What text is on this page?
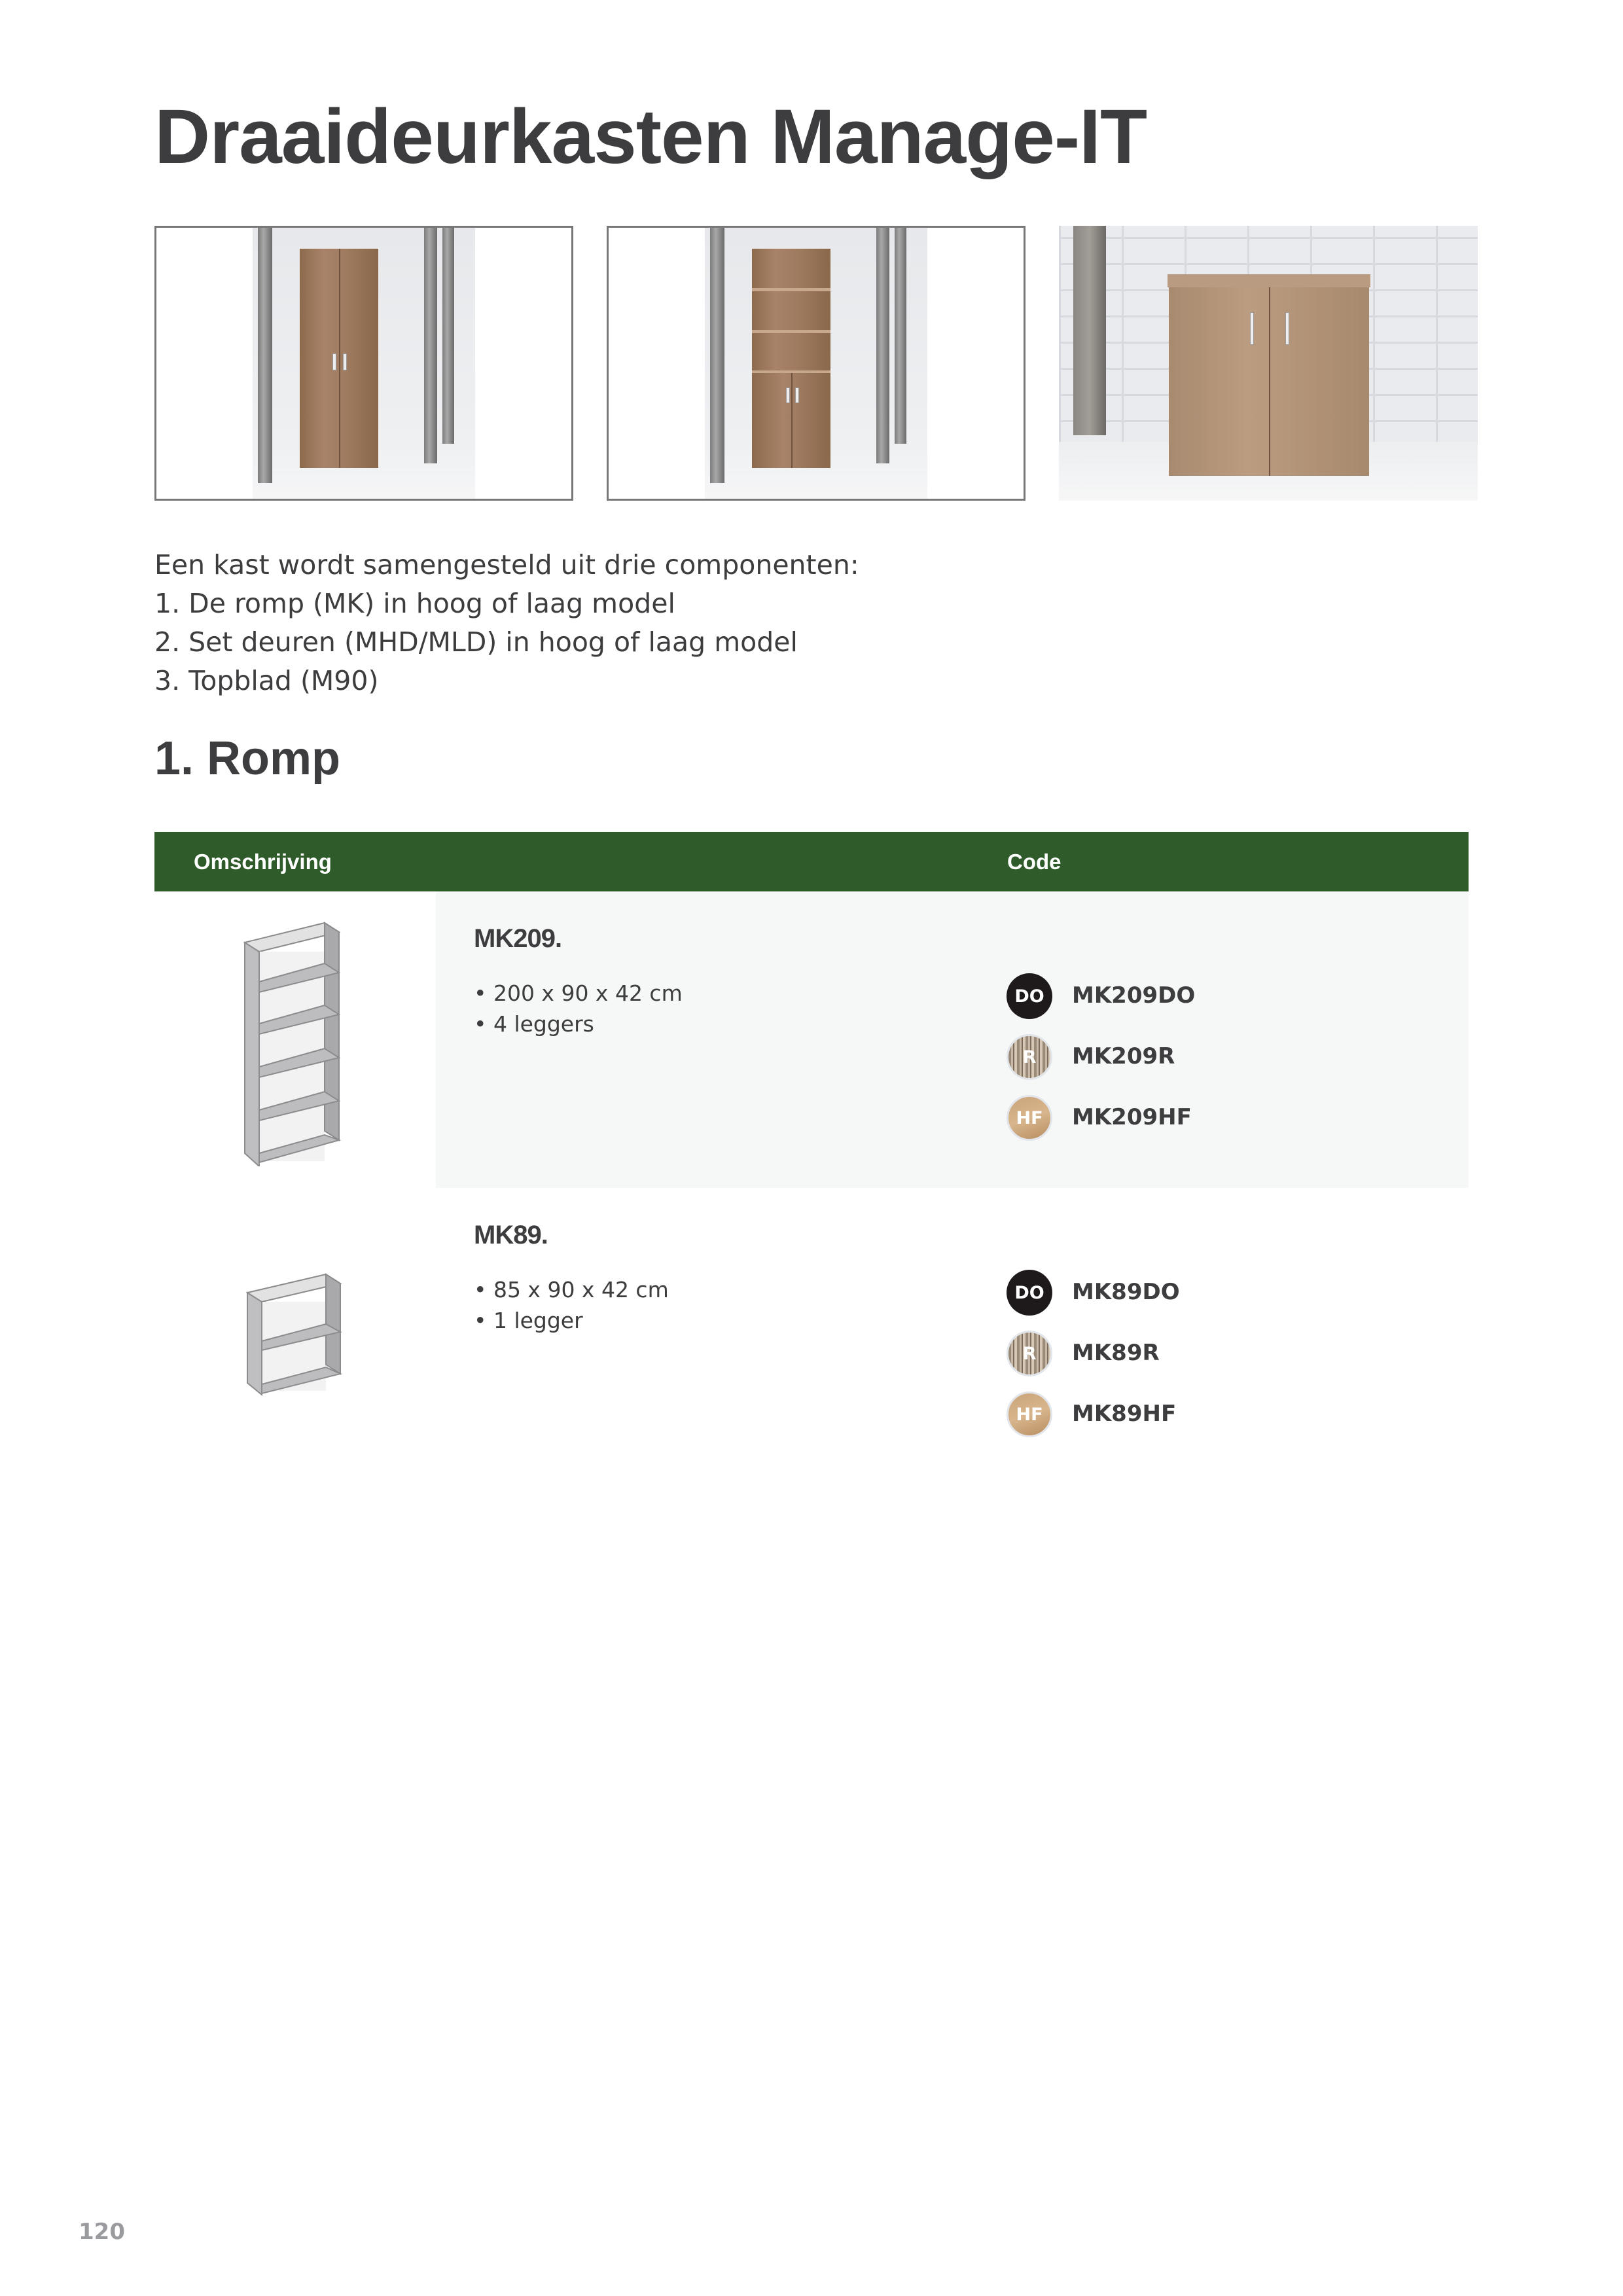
Draaideurkasten Manage-IT
Een kast wordt samengesteld uit drie componenten:
1. De romp (MK) in hoog of laag model
2. Set deuren (MHD/MLD) in hoog of laag model
3. Topblad (M90)
1. Romp
Omschrijving	Code
MK209.
• 200 x 90 x 42 cm
• 4 leggers
DO	MK209DO
R	MK209R
HF	MK209HF
MK89.
• 85 x 90 x 42 cm
• 1 legger
DO	MK89DO
R	MK89R
HF	MK89HF
120
